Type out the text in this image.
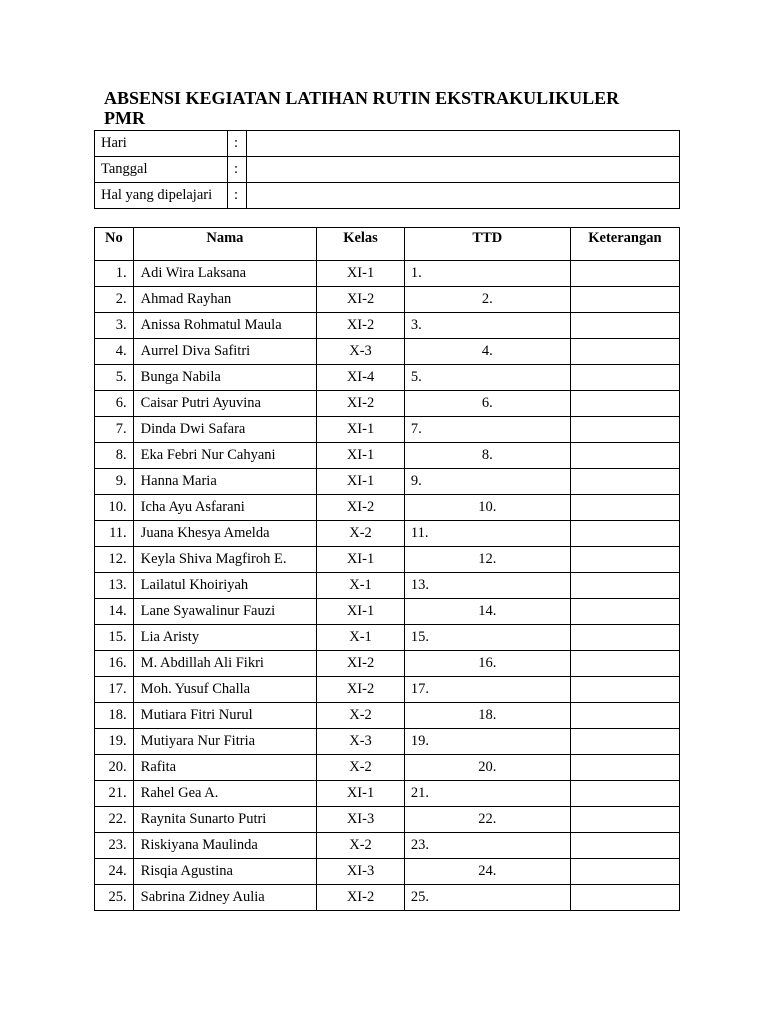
ABSENSI KEGIATAN LATIHAN RUTIN EKSTRAKULIKULER PMR
Hari	:	
Tanggal	:	
Hal yang dipelajari	:	
No	Nama	Kelas	TTD	Keterangan
1.	Adi Wira Laksana	XI-1	1.	
2.	Ahmad Rayhan	XI-2	2.	
3.	Anissa Rohmatul Maula	XI-2	3.	
4.	Aurrel Diva Safitri	X-3	4.	
5.	Bunga Nabila	XI-4	5.	
6.	Caisar Putri Ayuvina	XI-2	6.	
7.	Dinda Dwi Safara	XI-1	7.	
8.	Eka Febri Nur Cahyani	XI-1	8.	
9.	Hanna Maria	XI-1	9.	
10.	Icha Ayu Asfarani	XI-2	10.	
11.	Juana Khesya Amelda	X-2	11.	
12.	Keyla Shiva Magfiroh E.	XI-1	12.	
13.	Lailatul Khoiriyah	X-1	13.	
14.	Lane Syawalinur Fauzi	XI-1	14.	
15.	Lia Aristy	X-1	15.	
16.	M. Abdillah Ali Fikri	XI-2	16.	
17.	Moh. Yusuf Challa	XI-2	17.	
18.	Mutiara Fitri Nurul	X-2	18.	
19.	Mutiyara Nur Fitria	X-3	19.	
20.	Rafita	X-2	20.	
21.	Rahel Gea A.	XI-1	21.	
22.	Raynita Sunarto Putri	XI-3	22.	
23.	Riskiyana Maulinda	X-2	23.	
24.	Risqia Agustina	XI-3	24.	
25.	Sabrina Zidney Aulia	XI-2	25.	
